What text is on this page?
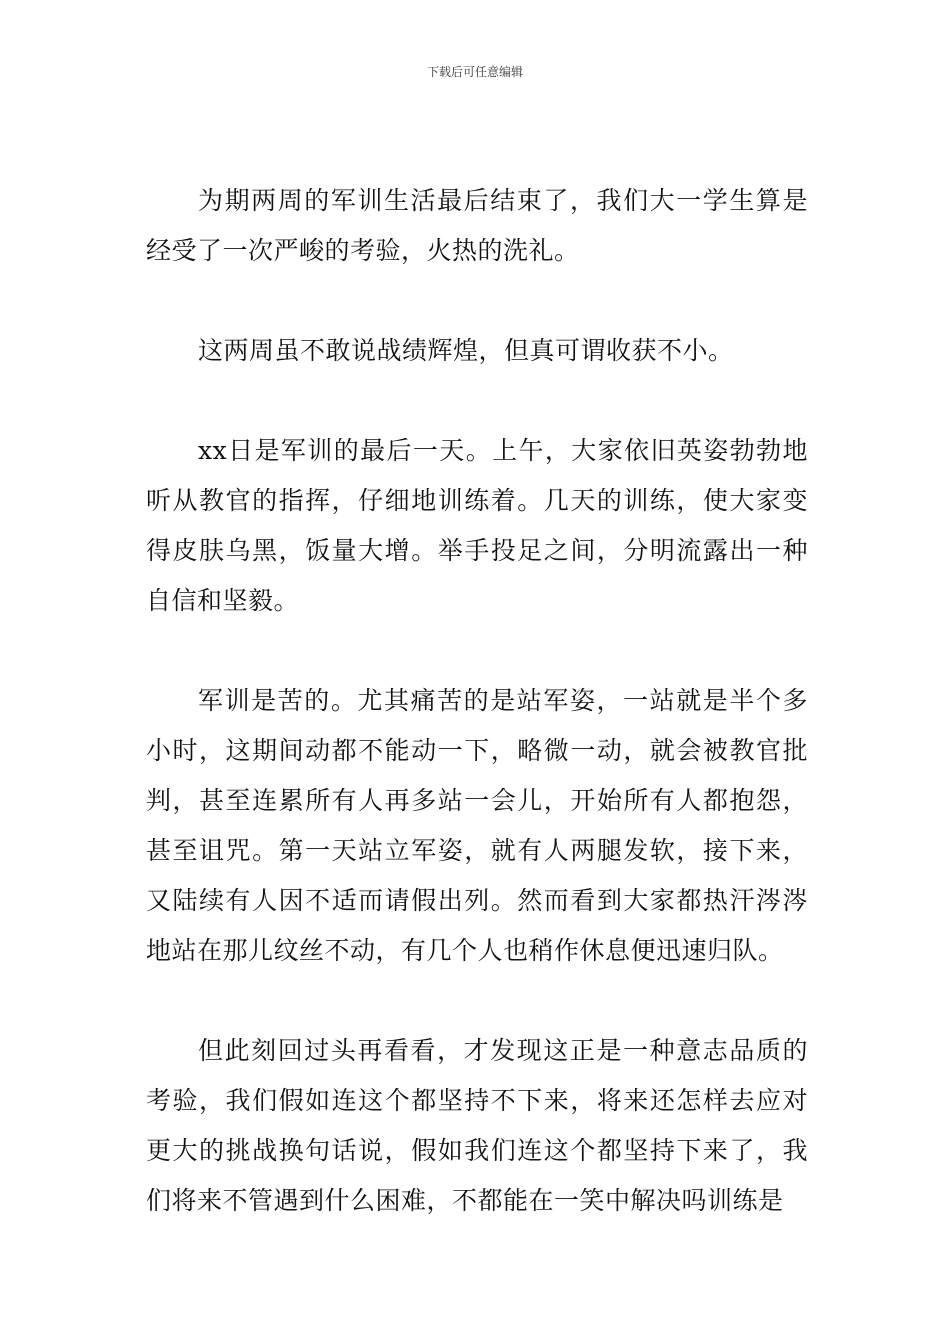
下载后可任意编辑

为期两周的军训生活最后结束了，我们大一学生算是经受了一次严峻的考验，火热的洗礼。

这两周虽不敢说战绩辉煌，但真可谓收获不小。

xx日是军训的最后一天。上午，大家依旧英姿勃勃地听从教官的指挥，仔细地训练着。几天的训练，使大家变得皮肤乌黑，饭量大增。举手投足之间，分明流露出一种自信和坚毅。

军训是苦的。尤其痛苦的是站军姿，一站就是半个多小时，这期间动都不能动一下，略微一动，就会被教官批判，甚至连累所有人再多站一会儿，开始所有人都抱怨，甚至诅咒。第一天站立军姿，就有人两腿发软，接下来，又陆续有人因不适而请假出列。然而看到大家都热汗涔涔地站在那儿纹丝不动，有几个人也稍作休息便迅速归队。

但此刻回过头再看看，才发现这正是一种意志品质的考验，我们假如连这个都坚持不下来，将来还怎样去应对更大的挑战换句话说，假如我们连这个都坚持下来了，我们将来不管遇到什么困难，不都能在一笑中解决吗训练是
